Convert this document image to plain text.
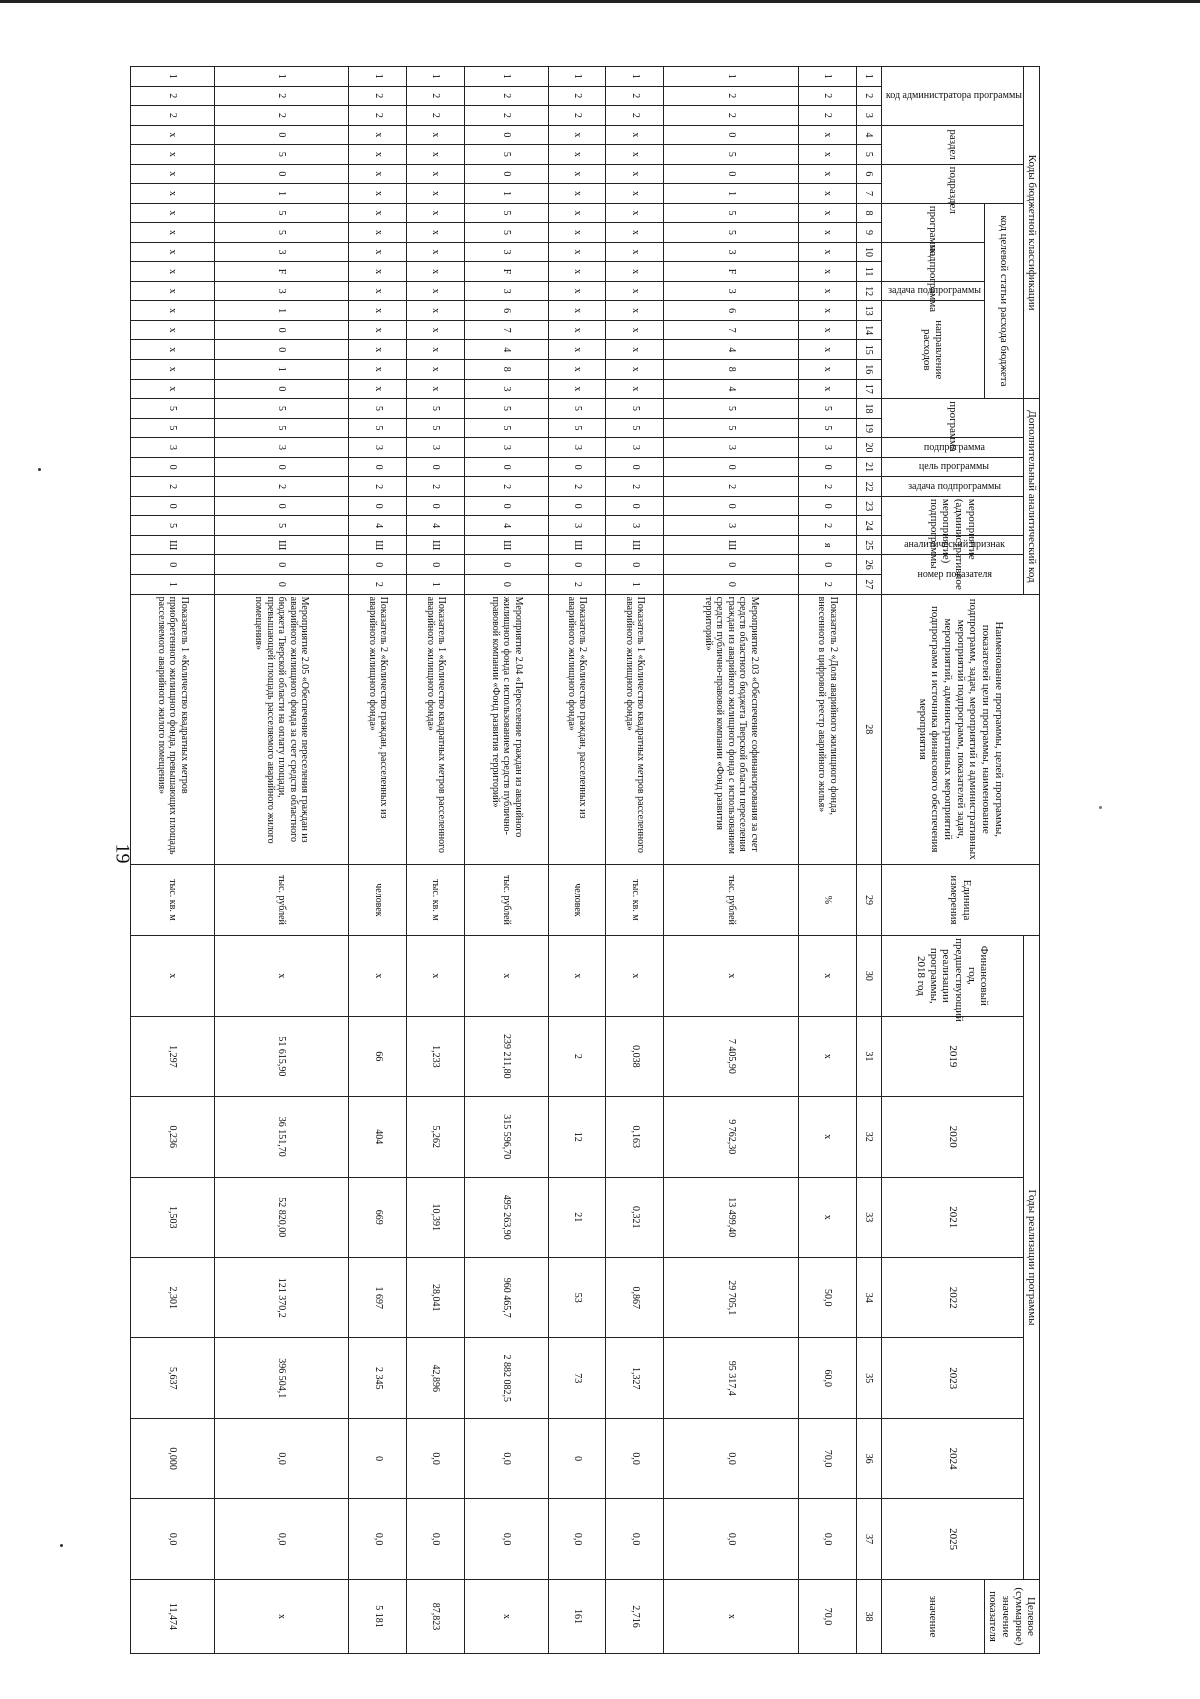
19
Коды бюджетной классификации																	Дополнительный аналитический код										Наименование программы, целей программы, показателей цели программы, наименование подпрограмм, задач, мероприятий и административных мероприятий подпрограмм, показателей задач, мероприятий, административных мероприятий подпрограмм и источника финансового обеспечения мероприятия	Единица измерения	Годы реализации программы								Целевое (суммарное) значение показателя
код администратора программы			раздел		подраздел		код целевой статьи расхода бюджета										программа		подпрограмма	цель программы	задача подпрограммы	мероприятие (административное мероприятие) подпрограммы		аналитический признак	номер показателя				Финансовый год, предшествующий реализации программы, 2018 год	2019	2020	2021	2022	2023	2024	2025	
							программа		подпрограмма		задача подпрограммы	направление расходов																									значение
1	2	3	4	5	6	7	8	9	10	11	12	13	14	15	16	17	18	19	20	21	22	23	24	25	26	27	28	29	30	31	32	33	34	35	36	37	38
1	2	2	х	х	х	х	х	х	х	х	х	х	х	х	х	х	5	5	3	0	2	0	2	я	0	2	Показатель 2 «Доля аварийного жилищного фонда, внесенного в цифровой реестр аварийного жилья»	%	х	х	х	х	50,0	60,0	70,0	0,0	70,0
1	2	2	0	5	0	1	5	5	3	F	3	6	7	4	8	4	5	5	3	0	2	0	3	Ш	0	0	Мероприятие 2.03 «Обеспечение софинансирования за счет средств областного бюджета Тверской области переселения граждан из аварийного жилищного фонда с использованием средств публично-правовой компании «Фонд развития территорий»	тыс. рублей	х	7 405,90	9 762,30	13 499,40	29 705,1	95 317,4	0,0	0,0	х
1	2	2	х	х	х	х	х	х	х	х	х	х	х	х	х	х	5	5	3	0	2	0	3	Ш	0	1	Показатель 1 «Количество квадратных метров расселенного аварийного жилищного фонда»	тыс. кв. м	х	0,038	0,163	0,321	0,867	1,327	0,0	0,0	2,716
1	2	2	х	х	х	х	х	х	х	х	х	х	х	х	х	х	5	5	3	0	2	0	3	Ш	0	2	Показатель 2 «Количество граждан, расселенных из аварийного жилищного фонда»	человек	х	2	12	21	53	73	0	0,0	161
1	2	2	0	5	0	1	5	5	3	F	3	6	7	4	8	3	5	5	3	0	2	0	4	Ш	0	0	Мероприятие 2.04 «Переселение граждан из аварийного жилищного фонда с использованием средств публично-правовой компании «Фонд развития территорий»	тыс. рублей	х	239 211,80	315 596,70	495 263,90	960 465,7	2 882 082,5	0,0	0,0	х
1	2	2	х	х	х	х	х	х	х	х	х	х	х	х	х	х	5	5	3	0	2	0	4	Ш	0	1	Показатель 1 «Количество квадратных метров расселенного аварийного жилищного фонда»	тыс. кв. м	х	1,233	5,262	10,391	28,041	42,896	0,0	0,0	87,823
1	2	2	х	х	х	х	х	х	х	х	х	х	х	х	х	х	5	5	3	0	2	0	4	Ш	0	2	Показатель 2 «Количество граждан, расселенных из аварийного жилищного фонда»	человек	х	66	404	669	1 697	2 345	0	0,0	5 181
1	2	2	0	5	0	1	5	5	3	F	3	1	0	0	1	0	5	5	3	0	2	0	5	Ш	0	0	Мероприятие 2.05 «Обеспечение переселения граждан из аварийного жилищного фонда за счет средств областного бюджета Тверской области на оплату площади, превышающей площадь расселяемого аварийного жилого помещения»	тыс. рублей	х	51 615,90	36 151,70	52 820,00	121 370,2	396 504,1	0,0	0,0	х
1	2	2	х	х	х	х	х	х	х	х	х	х	х	х	х	х	5	5	3	0	2	0	5	Ш	0	1	Показатель 1 «Количество квадратных метров приобретенного жилищного фонда, превышающих площадь расселяемого аварийного жилого помещения»	тыс. кв. м	х	1,297	0,236	1,503	2,301	5,637	0,000	0,0	11,474
